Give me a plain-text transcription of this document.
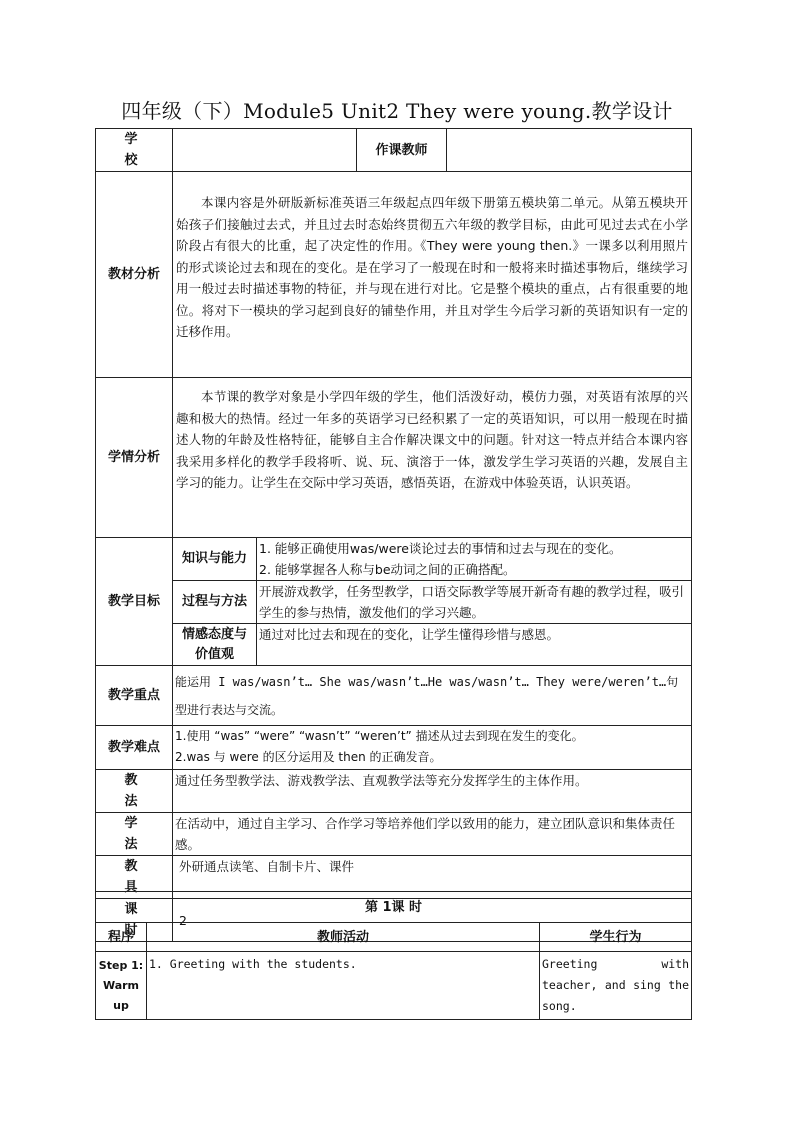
四年级（下）Module5 Unit2 They were young.教学设计
学 校			作课教师	
教材分析	本课内容是外研版新标准英语三年级起点四年级下册第五模块第二单元。从第五模块开始孩子们接触过去式，并且过去时态始终贯彻五六年级的教学目标，由此可见过去式在小学阶段占有很大的比重，起了决定性的作用。《They were young then.》一课多以利用照片的形式谈论过去和现在的变化。是在学习了一般现在时和一般将来时描述事物后，继续学习用一般过去时描述事物的特征，并与现在进行对比。它是整个模块的重点，占有很重要的地位。将对下一模块的学习起到良好的铺垫作用，并且对学生今后学习新的英语知识有一定的迁移作用。			

学情分析	本节课的教学对象是小学四年级的学生，他们活泼好动，模仿力强，对英语有浓厚的兴趣和极大的热情。经过一年多的英语学习已经积累了一定的英语知识，可以用一般现在时描述人物的年龄及性格特征，能够自主合作解决课文中的问题。针对这一特点并结合本课内容我采用多样化的教学手段将听、说、玩、演溶于一体，激发学生学习英语的兴趣，发展自主学习的能力。让学生在交际中学习英语，感悟英语，在游戏中体验英语，认识英语。			

教学目标	知识与能力	1. 能够正确使用was/were谈论过去的事情和过去与现在的变化。
2. 能够掌握各人称与be动词之间的正确搭配。		

	过程与方法	开展游戏教学，任务型教学，口语交际教学等展开新奇有趣的教学过程，吸引学生的参与热情，激发他们的学习兴趣。		

	情感态度与价值观	通过对比过去和现在的变化，让学生懂得珍惜与感恩。		

教学重点	能运用 I was/wasn’t… She was/wasn’t…He was/wasn’t… They were/weren’t…句型进行表达与交流。			

教学难点	1.使用 “was” “were” “wasn’t” “weren’t” 描述从过去到现在发生的变化。
2.was 与 were 的区分运用及 then 的正确发音。			

教 法	通过任务型教学法、游戏教学法、直观教学法等充分发挥学生的主体作用。			
学 法	在活动中，通过自主学习、合作学习等培养他们学以致用的能力，建立团队意识和集体责任感。			
教 具	外研通点读笔、自制卡片、课件			
课 时	2			
第 1课 时		
程序	教师活动	学生行为
Step 1: Warm up	1. Greeting with the students.	Greeting with teacher, and sing the song.
